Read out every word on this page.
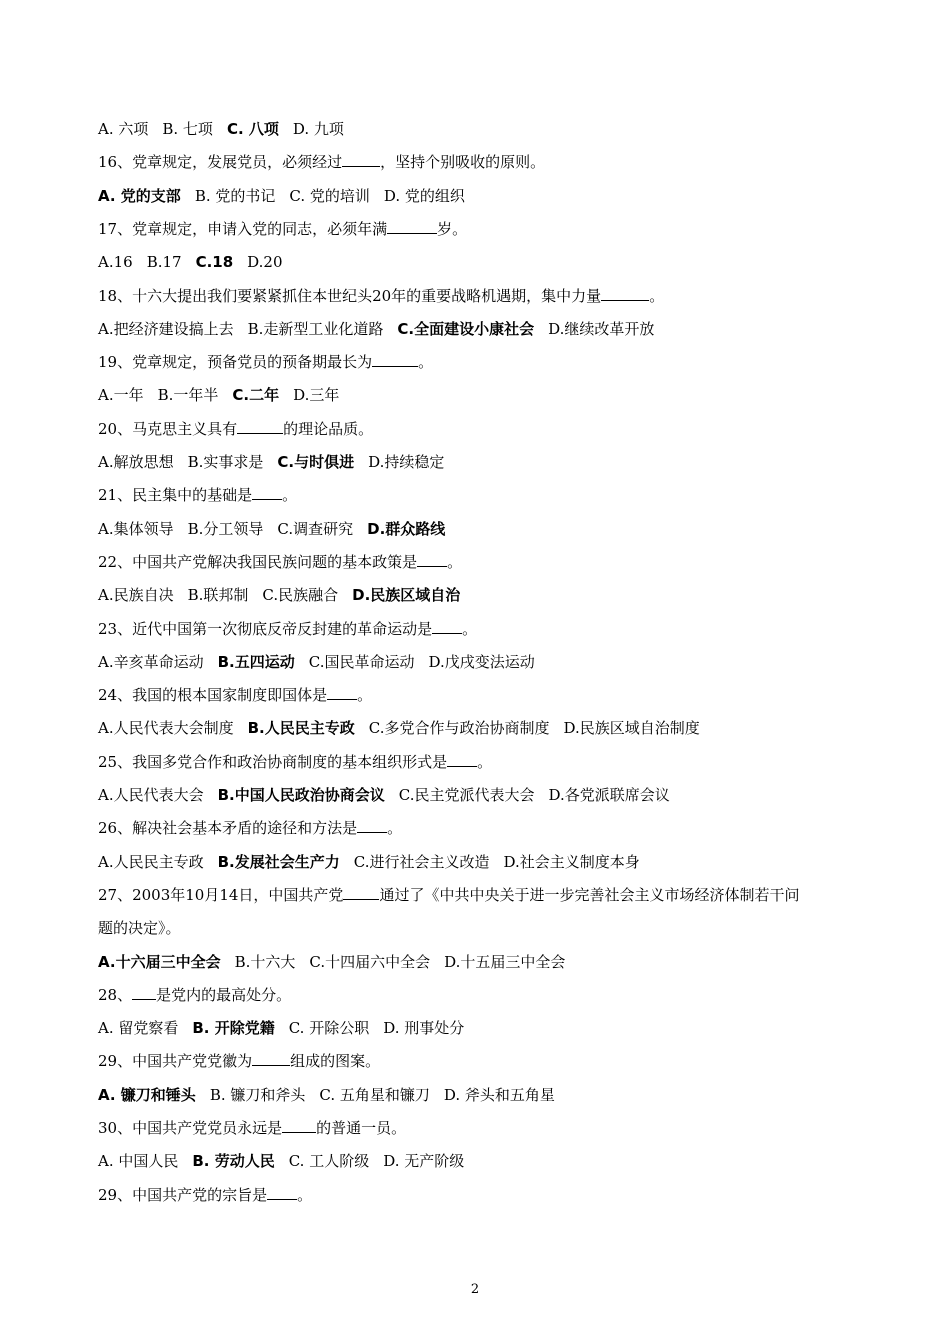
A. 六项 B. 七项 C. 八项 D. 九项
16、党章规定，发展党员，必须经过	，坚持个别吸收的原则。
A. 党的支部 B. 党的书记 C. 党的培训 D. 党的组织
17、党章规定，申请入党的同志，必须年满	岁。
A.16 B.17 C.18 D.20
18、十六大提出我们要紧紧抓住本世纪头20年的重要战略机遇期，集中力量	。
A.把经济建设搞上去 B.走新型工业化道路 C.全面建设小康社会 D.继续改革开放
19、党章规定，预备党员的预备期最长为	。
A.一年 B.一年半 C.二年 D.三年
20、马克思主义具有	的理论品质。
A.解放思想 B.实事求是 C.与时俱进 D.持续稳定
21、民主集中的基础是 。
A.集体领导 B.分工领导 C.调查研究 D.群众路线
22、中国共产党解决我国民族问题的基本政策是 。
A.民族自决 B.联邦制 C.民族融合 D.民族区域自治
23、近代中国第一次彻底反帝反封建的革命运动是 。
A.辛亥革命运动 B.五四运动 C.国民革命运动 D.戊戌变法运动
24、我国的根本国家制度即国体是 。
A.人民代表大会制度 B.人民民主专政 C.多党合作与政治协商制度 D.民族区域自治制度
25、我国多党合作和政治协商制度的基本组织形式是 。
A.人民代表大会 B.中国人民政治协商会议 C.民主党派代表大会 D.各党派联席会议
26、解决社会基本矛盾的途径和方法是 。
A.人民民主专政 B.发展社会生产力 C.进行社会主义改造 D.社会主义制度本身
27、2003年10月14日，中国共产党 通过了《中共中央关于进一步完善社会主义市场经济体制若干问
题的决定》。
A.十六届三中全会 B.十六大 C.十四届六中全会 D.十五届三中全会
28、 是党内的最高处分。
A. 留党察看 B. 开除党籍 C. 开除公职 D. 刑事处分
29、中国共产党党徽为	组成的图案。
A. 镰刀和锤头 B. 镰刀和斧头 C. 五角星和镰刀 D. 斧头和五角星
30、中国共产党党员永远是 的普通一员。
A. 中国人民 B. 劳动人民 C. 工人阶级 D. 无产阶级
29、中国共产党的宗旨是 。
2
